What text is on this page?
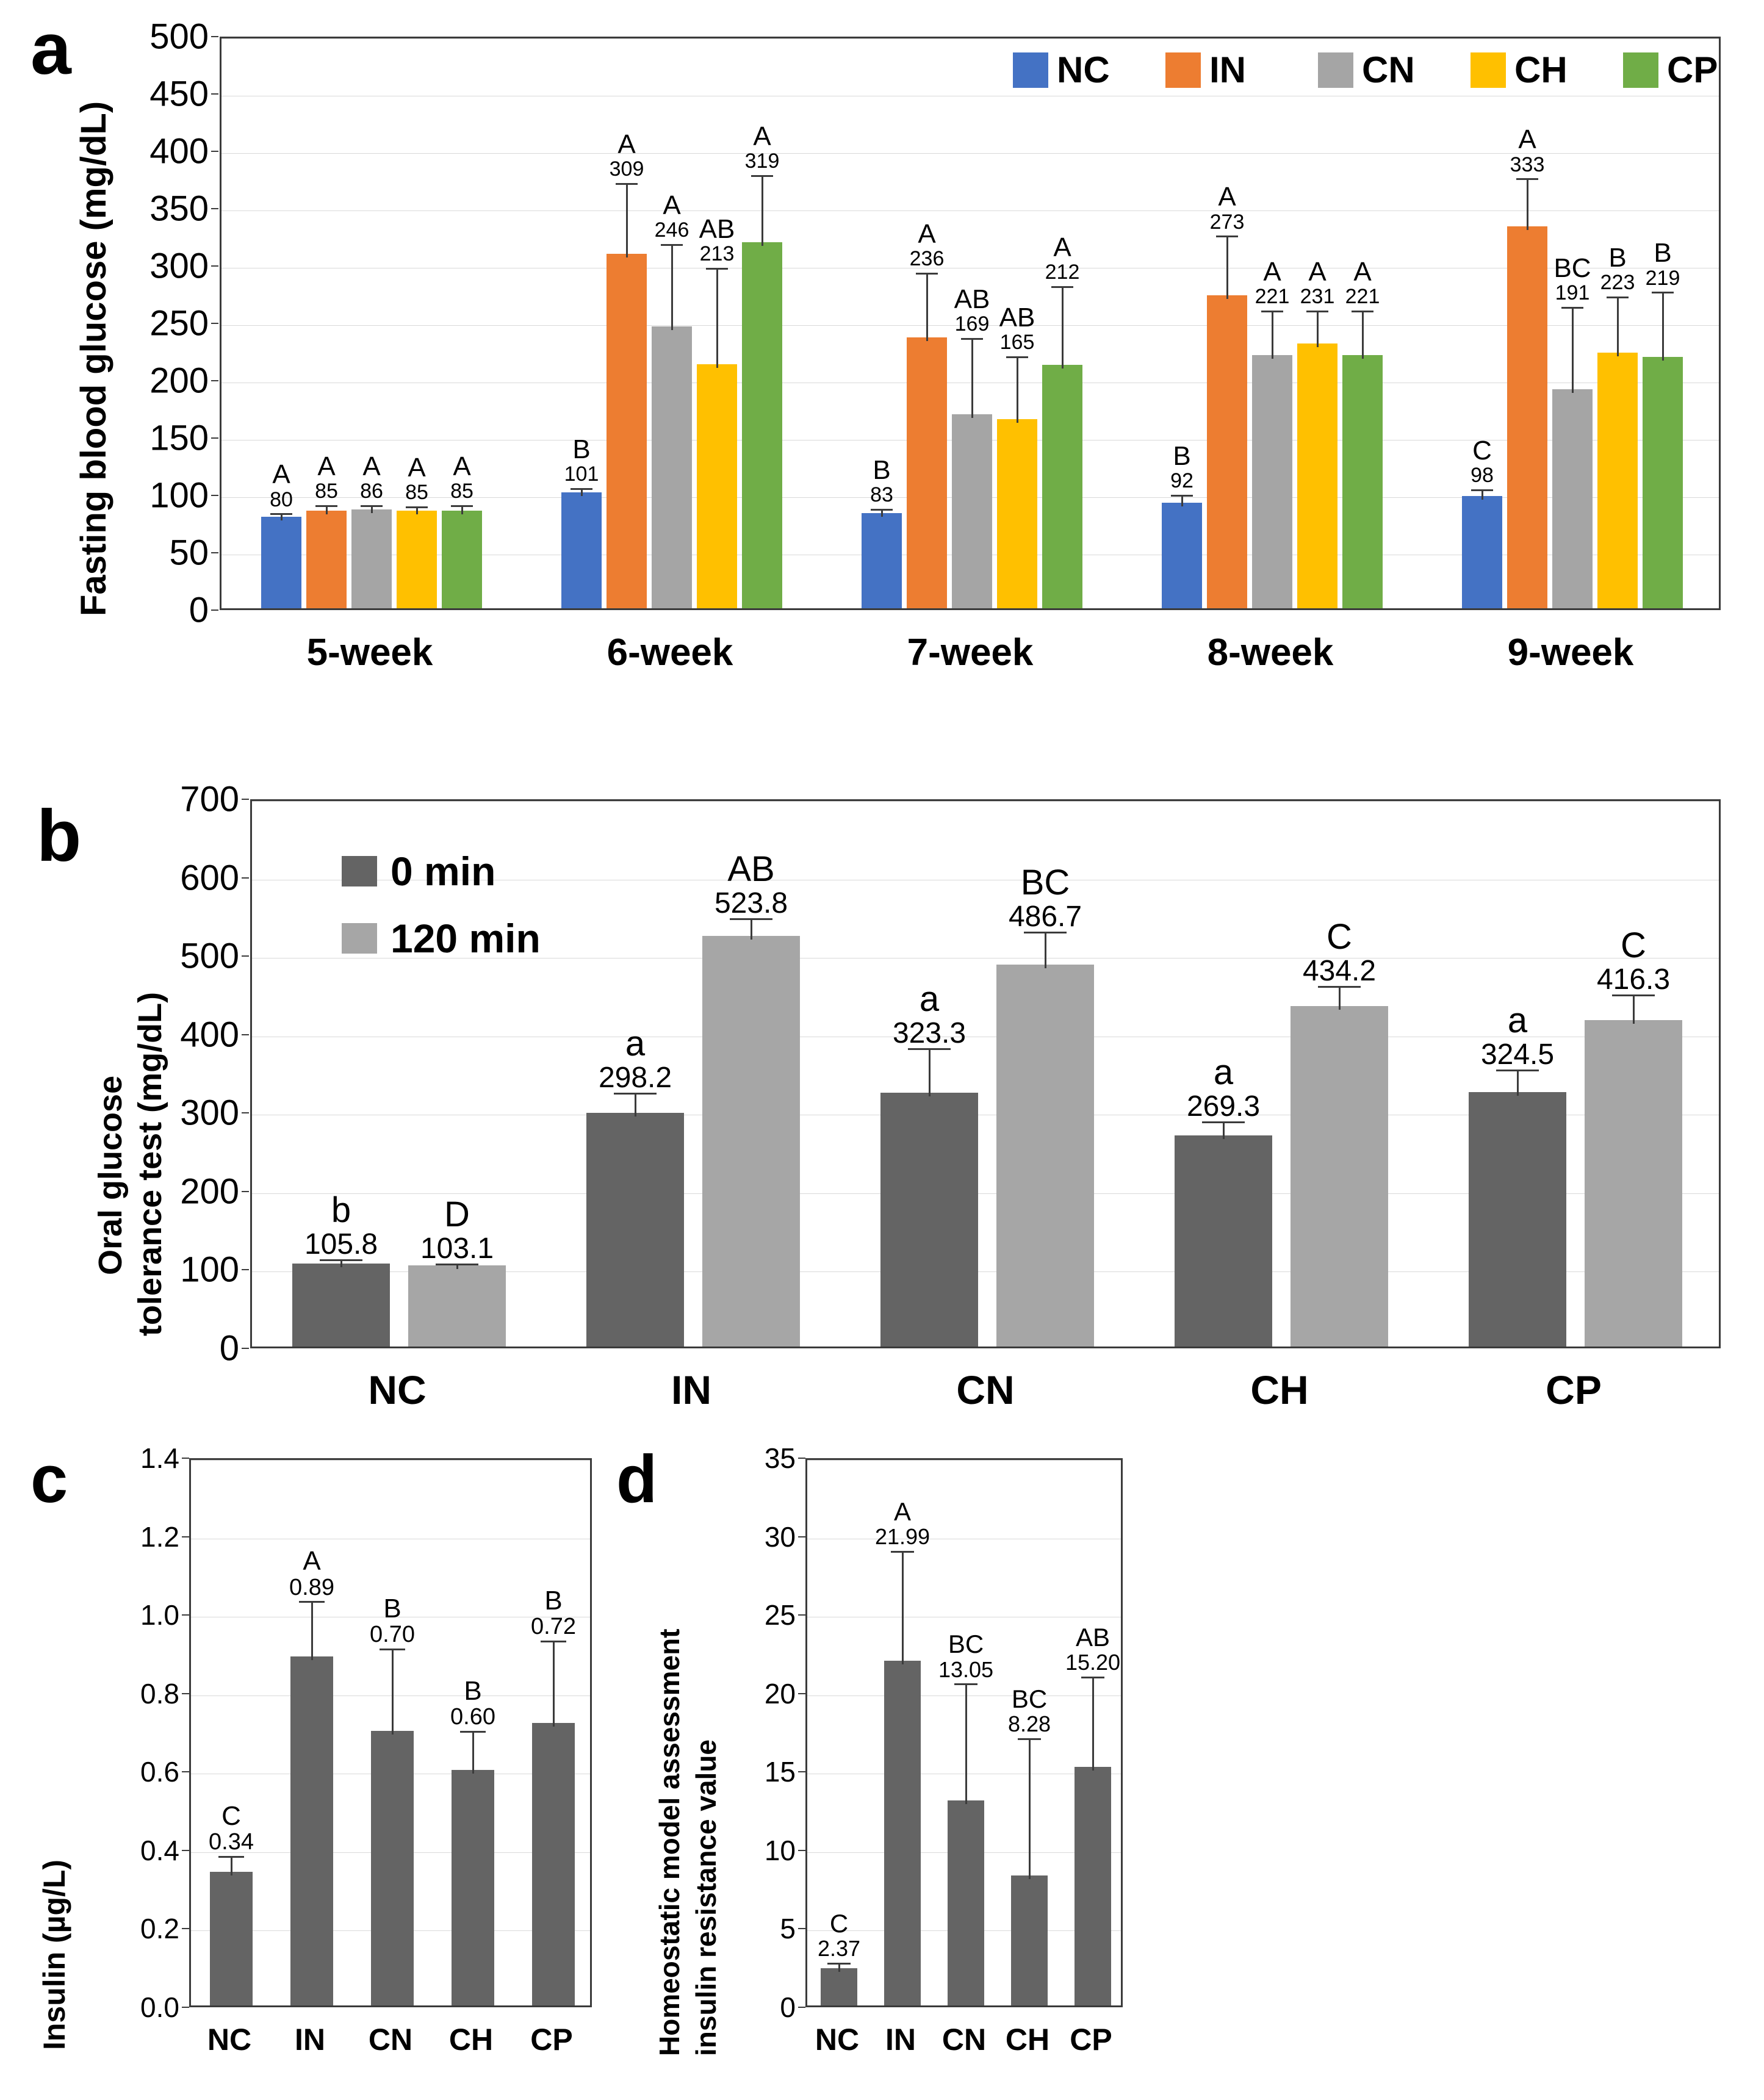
a
Fasting blood glucose (mg/dL)	A
80
A
85
A
86
A
85
A
85
B
101
A
309
A
246 AB
213
A
319
B
83
A
236
AB
169 AB
165
A
212
B
92
A
273
A
221
A
231
A
221
C
98
A
333
BC
191
B
223
B
219
0
50
100
150
200
250
300
350
400
450
500
5-week	6-week	7-week	8-week	9-week
NC	IN	CN	CH	CP
b
Oral glucose tolerance test (mg/dL)	b
105.8
D
103.1
a
298.2
AB
523.8
a
323.3
BC
486.7
a
269.3
C
434.2
a
324.5
C
416.3
0
100
200
300
400
500
600
700
NC	IN	CN	CH	CP
0 min
120 min
c
Insulin (µg/L)
C
0.34
A
0.89
B
0.70
B
0.60
B
0.72
0.0
0.2
0.4
0.6
0.8
1.0
1.2
1.4
NC	IN	CN	CH	CP
d
Homeostatic model assessment insulin resistance value	C
2.37
A
21.99
BC
13.05
BC
8.28
AB
15.20
0
5
10
15
20
25
30
35
NC IN CN CH CP
